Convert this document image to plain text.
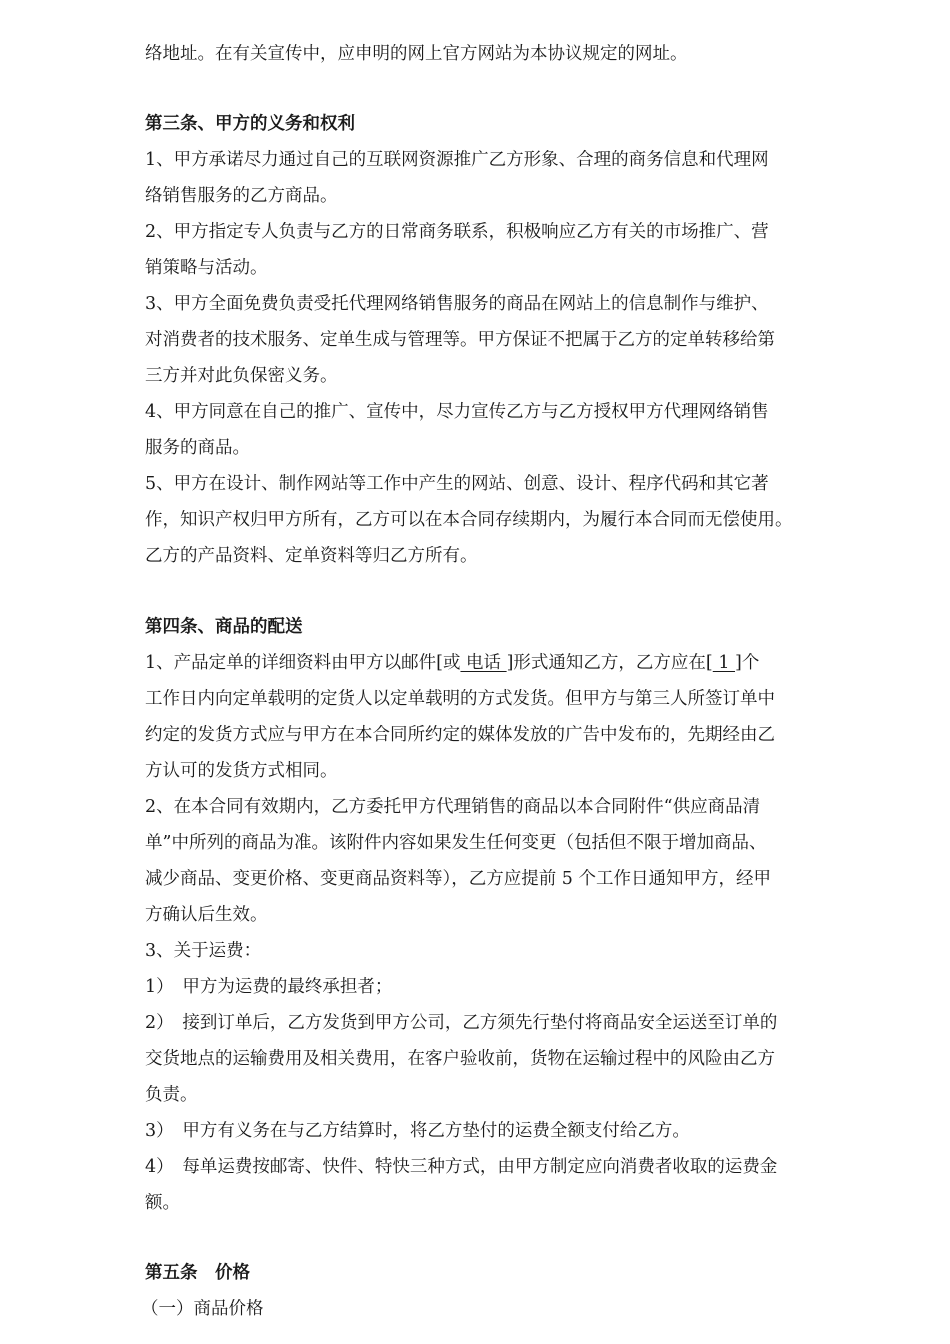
络地址。在有关宣传中，应申明的网上官方网站为本协议规定的网址。
第三条、甲方的义务和权利
1、甲方承诺尽力通过自己的互联网资源推广乙方形象、合理的商务信息和代理网
络销售服务的乙方商品。
2、甲方指定专人负责与乙方的日常商务联系，积极响应乙方有关的市场推广、营
销策略与活动。
3、甲方全面免费负责受托代理网络销售服务的商品在网站上的信息制作与维护、
对消费者的技术服务、定单生成与管理等。甲方保证不把属于乙方的定单转移给第
三方并对此负保密义务。
4、甲方同意在自己的推广、宣传中，尽力宣传乙方与乙方授权甲方代理网络销售
服务的商品。
5、甲方在设计、制作网站等工作中产生的网站、创意、设计、程序代码和其它著
作，知识产权归甲方所有，乙方可以在本合同存续期内，为履行本合同而无偿使用。
乙方的产品资料、定单资料等归乙方所有。
第四条、商品的配送
1、产品定单的详细资料由甲方以邮件[或 电话 ]形式通知乙方，乙方应在[ 1 ]个
工作日内向定单载明的定货人以定单载明的方式发货。但甲方与第三人所签订单中
约定的发货方式应与甲方在本合同所约定的媒体发放的广告中发布的，先期经由乙
方认可的发货方式相同。
2、在本合同有效期内，乙方委托甲方代理销售的商品以本合同附件“供应商品清
单”中所列的商品为准。该附件内容如果发生任何变更（包括但不限于增加商品、
减少商品、变更价格、变更商品资料等），乙方应提前 5 个工作日通知甲方，经甲
方确认后生效。
3、关于运费：
1）　甲方为运费的最终承担者；
2）　接到订单后，乙方发货到甲方公司，乙方须先行垫付将商品安全运送至订单的
交货地点的运输费用及相关费用，在客户验收前，货物在运输过程中的风险由乙方
负责。
3）　甲方有义务在与乙方结算时，将乙方垫付的运费全额支付给乙方。
4）　每单运费按邮寄、快件、特快三种方式，由甲方制定应向消费者收取的运费金
额。
第五条　价格
（一）商品价格
